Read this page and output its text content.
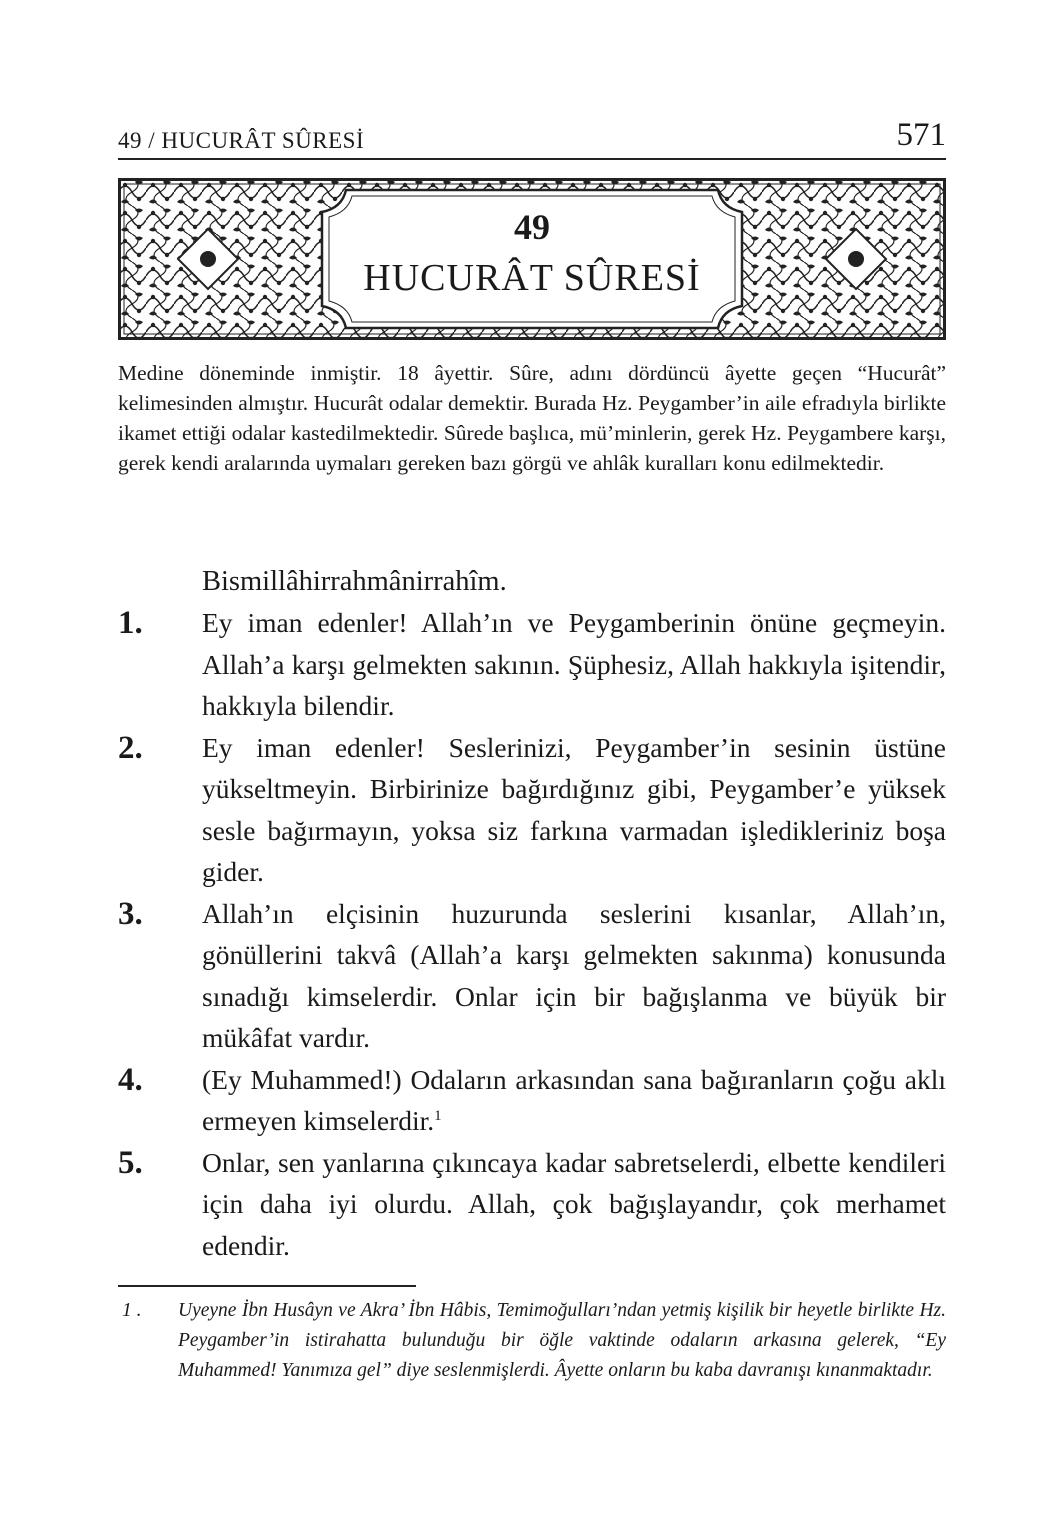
49 / HUCURÂT SÛRESİ	571
49
HUCURÂT SÛRESİ

Medine döneminde inmiştir. 18 âyettir. Sûre, adını dördüncü âyette geçen “Hucurât” kelimesinden almıştır. Hucurât odalar demektir. Burada Hz. Peygamber’in aile efradıyla birlikte ikamet ettiği odalar kastedilmektedir. Sûrede başlıca, mü’minlerin, gerek Hz. Peygambere karşı, gerek kendi aralarında uymaları gereken bazı görgü ve ahlâk kuralları konu edilmektedir.

Bismillâhirrahmânirrahîm.
1. Ey iman edenler! Allah’ın ve Peygamberinin önüne geçmeyin. Allah’a karşı gelmekten sakının. Şüphesiz, Allah hakkıyla işitendir, hakkıyla bilendir.
2. Ey iman edenler! Seslerinizi, Peygamber’in sesinin üstüne yükseltmeyin. Birbirinize bağırdığınız gibi, Peygamber’e yüksek sesle bağırmayın, yoksa siz farkına varmadan işledikleriniz boşa gider.
3. Allah’ın elçisinin huzurunda seslerini kısanlar, Allah’ın, gönüllerini takvâ (Allah’a karşı gelmekten sakınma) konusunda sınadığı kimselerdir. Onlar için bir bağışlanma ve büyük bir mükâfat vardır.
4. (Ey Muhammed!) Odaların arkasından sana bağıranların çoğu aklı ermeyen kimselerdir.$^1$
5. Onlar, sen yanlarına çıkıncaya kadar sabretselerdi, elbette kendileri için daha iyi olurdu. Allah, çok bağışlayandır, çok merhamet edendir.
1 . Uyeyne İbn Husâyn ve Akra’ İbn Hâbis, Temimoğulları’ndan yetmiş kişilik bir heyetle birlikte Hz. Peygamber’in istirahatta bulunduğu bir öğle vaktinde odaların arkasına gelerek, “Ey Muhammed! Yanımıza gel” diye seslenmişlerdi. Âyette onların bu kaba davranışı kınanmaktadır.
